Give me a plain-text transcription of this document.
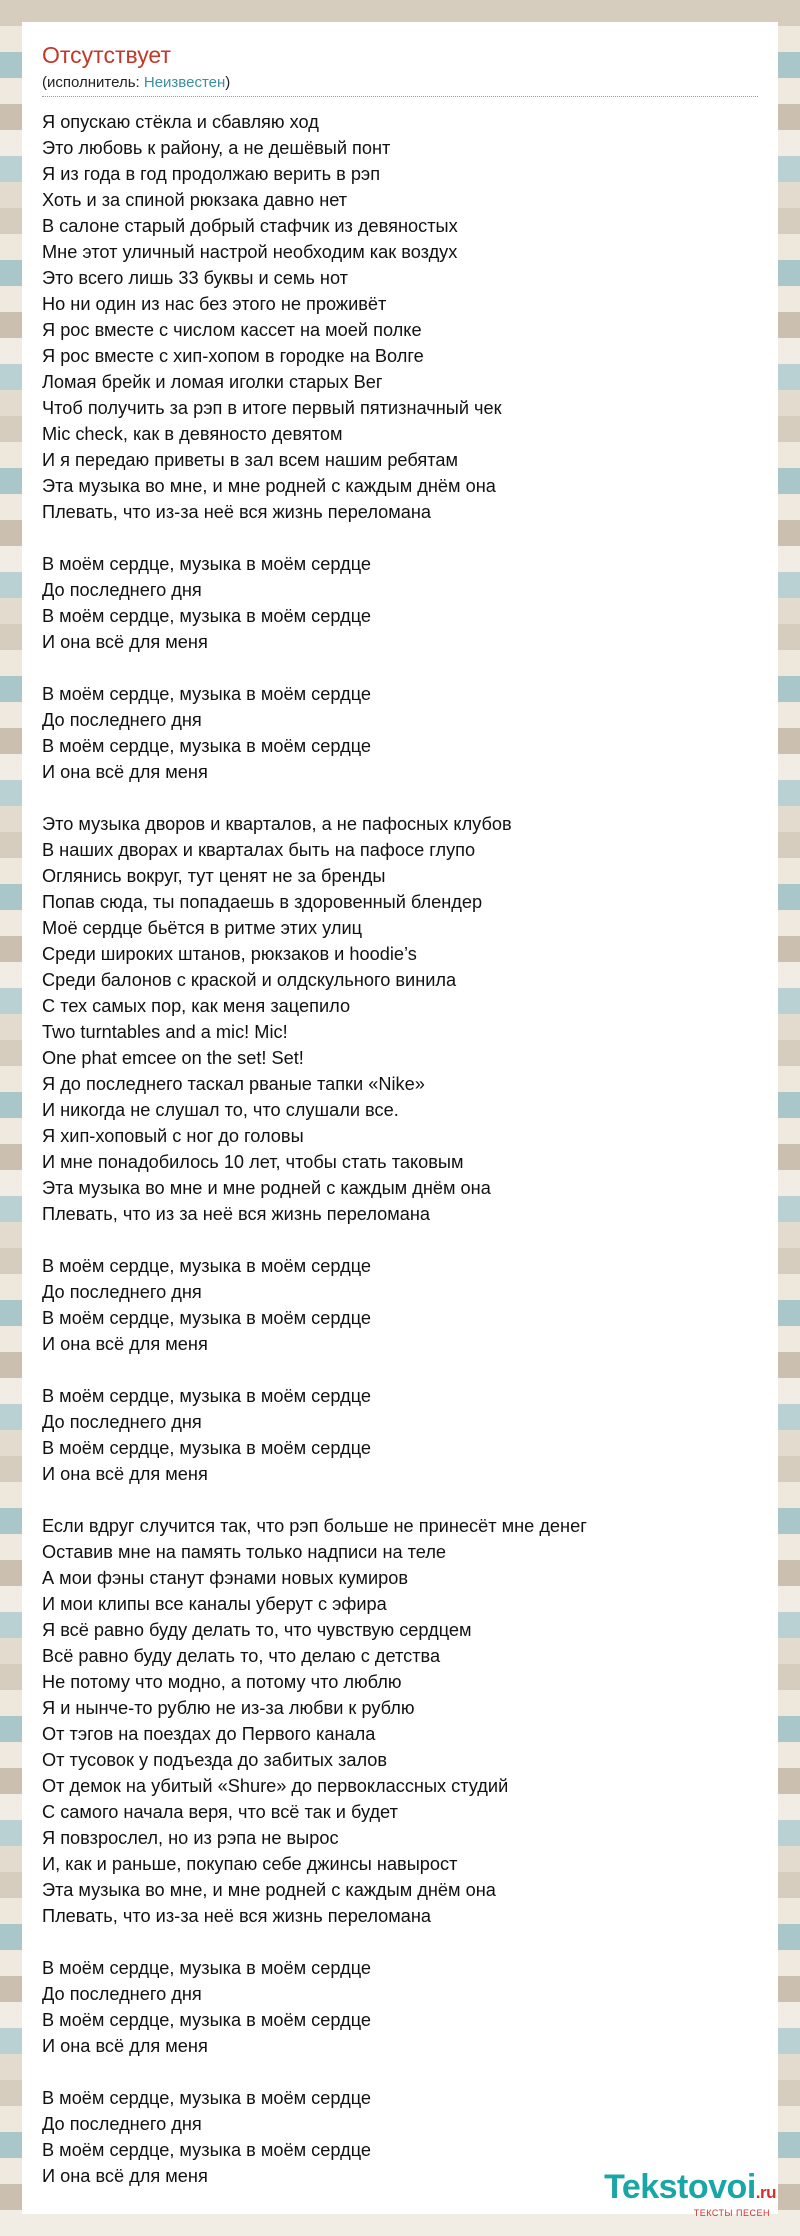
Отсутствует
(исполнитель: Неизвестен)
Я опускаю стёкла и сбавляю ход
Это любовь к району, а не дешёвый понт
Я из года в год продолжаю верить в рэп
Хоть и за спиной рюкзака давно нет
В салоне старый добрый стафчик из девяностых
Мне этот уличный настрой необходим как воздух
Это всего лишь 33 буквы и семь нот
Но ни один из нас без этого не проживёт
Я рос вместе с числом кассет на моей полке
Я рос вместе с хип-хопом в городке на Волге
Ломая брейк и ломая иголки старых Вег
Чтоб получить за рэп в итоге первый пятизначный чек
Mic check, как в девяносто девятом
И я передаю приветы в зал всем нашим ребятам
Эта музыка во мне, и мне родней с каждым днём она
Плевать, что из-за неё вся жизнь переломана
В моём сердце, музыка в моём сердце
До последнего дня
В моём сердце, музыка в моём сердце
И она всё для меня
В моём сердце, музыка в моём сердце
До последнего дня
В моём сердце, музыка в моём сердце
И она всё для меня
Это музыка дворов и кварталов, а не пафосных клубов
В наших дворах и кварталах быть на пафосе глупо
Оглянись вокруг, тут ценят не за бренды
Попав сюда, ты попадаешь в здоровенный блендер
Моё сердце бьётся в ритме этих улиц
Среди широких штанов, рюкзаков и hoodie’s
Среди балонов с краской и олдскульного винила
С тех самых пор, как меня зацепило
Two turntables and a mic! Mic!
One phat emcee on the set! Set!
Я до последнего таскал рваные тапки «Nike»
И никогда не слушал то, что слушали все.
Я хип-хоповый с ног до головы
И мне понадобилось 10 лет, чтобы стать таковым
Эта музыка во мне и мне родней с каждым днём она
Плевать, что из за неё вся жизнь переломана
В моём сердце, музыка в моём сердце
До последнего дня
В моём сердце, музыка в моём сердце
И она всё для меня
В моём сердце, музыка в моём сердце
До последнего дня
В моём сердце, музыка в моём сердце
И она всё для меня
Если вдруг случится так, что рэп больше не принесёт мне денег
Оставив мне на память только надписи на теле
А мои фэны станут фэнами новых кумиров
И мои клипы все каналы уберут с эфира
Я всё равно буду делать то, что чувствую сердцем
Всё равно буду делать то, что делаю с детства
Не потому что модно, а потому что люблю
Я и нынче-то рублю не из-за любви к рублю
От тэгов на поездах до Первого канала
От тусовок у подъезда до забитых залов
От демок на убитый «Shure» до первоклассных студий
С самого начала веря, что всё так и будет
Я повзрослел, но из рэпа не вырос
И, как и раньше, покупаю себе джинсы навырост
Эта музыка во мне, и мне родней с каждым днём она
Плевать, что из-за неё вся жизнь переломана
В моём сердце, музыка в моём сердце
До последнего дня
В моём сердце, музыка в моём сердце
И она всё для меня
В моём сердце, музыка в моём сердце
До последнего дня
В моём сердце, музыка в моём сердце
И она всё для меня	Tekstovoi.ru
ТЕКСТЫ ПЕСЕН
